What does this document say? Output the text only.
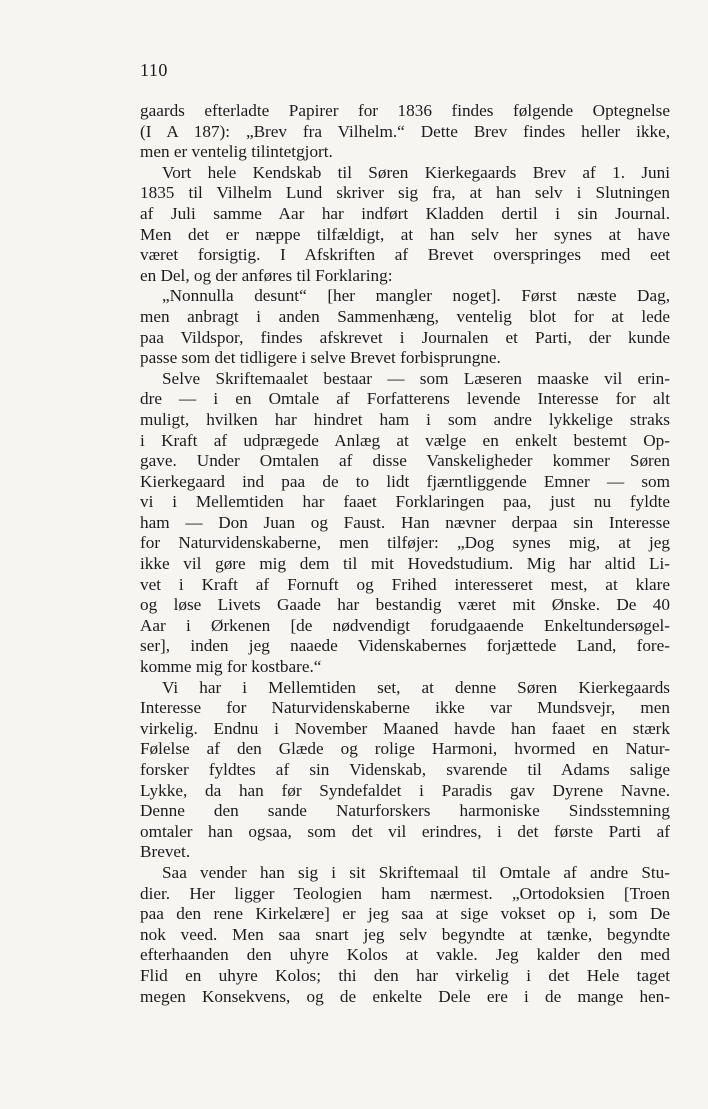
110
gaards efterladte Papirer for 1836 findes følgende Optegnelse
(I A 187): „Brev fra Vilhelm.“ Dette Brev findes heller ikke,
men er ventelig tilintetgjort.
Vort hele Kendskab til Søren Kierkegaards Brev af 1. Juni
1835 til Vilhelm Lund skriver sig fra, at han selv i Slutningen
af Juli samme Aar har indført Kladden dertil i sin Journal.
Men det er næppe tilfældigt, at han selv her synes at have
været forsigtig. I Afskriften af Brevet overspringes med eet
en Del, og der anføres til Forklaring:
„Nonnulla desunt“ [her mangler noget]. Først næste Dag,
men anbragt i anden Sammenhæng, ventelig blot for at lede
paa Vildspor, findes afskrevet i Journalen et Parti, der kunde
passe som det tidligere i selve Brevet forbisprungne.
Selve Skriftemaalet bestaar — som Læseren maaske vil erin-
dre — i en Omtale af Forfatterens levende Interesse for alt
muligt, hvilken har hindret ham i som andre lykkelige straks
i Kraft af udprægede Anlæg at vælge en enkelt bestemt Op-
gave. Under Omtalen af disse Vanskeligheder kommer Søren
Kierkegaard ind paa de to lidt fjærntliggende Emner — som
vi i Mellemtiden har faaet Forklaringen paa, just nu fyldte
ham — Don Juan og Faust. Han nævner derpaa sin Interesse
for Naturvidenskaberne, men tilføjer: „Dog synes mig, at jeg
ikke vil gøre mig dem til mit Hovedstudium. Mig har altid Li-
vet i Kraft af Fornuft og Frihed interesseret mest, at klare
og løse Livets Gaade har bestandig været mit Ønske. De 40
Aar i Ørkenen [de nødvendigt forudgaaende Enkeltundersøgel-
ser], inden jeg naaede Videnskabernes forjættede Land, fore-
komme mig for kostbare.“
Vi har i Mellemtiden set, at denne Søren Kierkegaards
Interesse for Naturvidenskaberne ikke var Mundsvejr, men
virkelig. Endnu i November Maaned havde han faaet en stærk
Følelse af den Glæde og rolige Harmoni, hvormed en Natur-
forsker fyldtes af sin Videnskab, svarende til Adams salige
Lykke, da han før Syndefaldet i Paradis gav Dyrene Navne.
Denne den sande Naturforskers harmoniske Sindsstemning
omtaler han ogsaa, som det vil erindres, i det første Parti af
Brevet.
Saa vender han sig i sit Skriftemaal til Omtale af andre Stu-
dier. Her ligger Teologien ham nærmest. „Ortodoksien [Troen
paa den rene Kirkelære] er jeg saa at sige vokset op i, som De
nok veed. Men saa snart jeg selv begyndte at tænke, begyndte
efterhaanden den uhyre Kolos at vakle. Jeg kalder den med
Flid en uhyre Kolos; thi den har virkelig i det Hele taget
megen Konsekvens, og de enkelte Dele ere i de mange hen-
